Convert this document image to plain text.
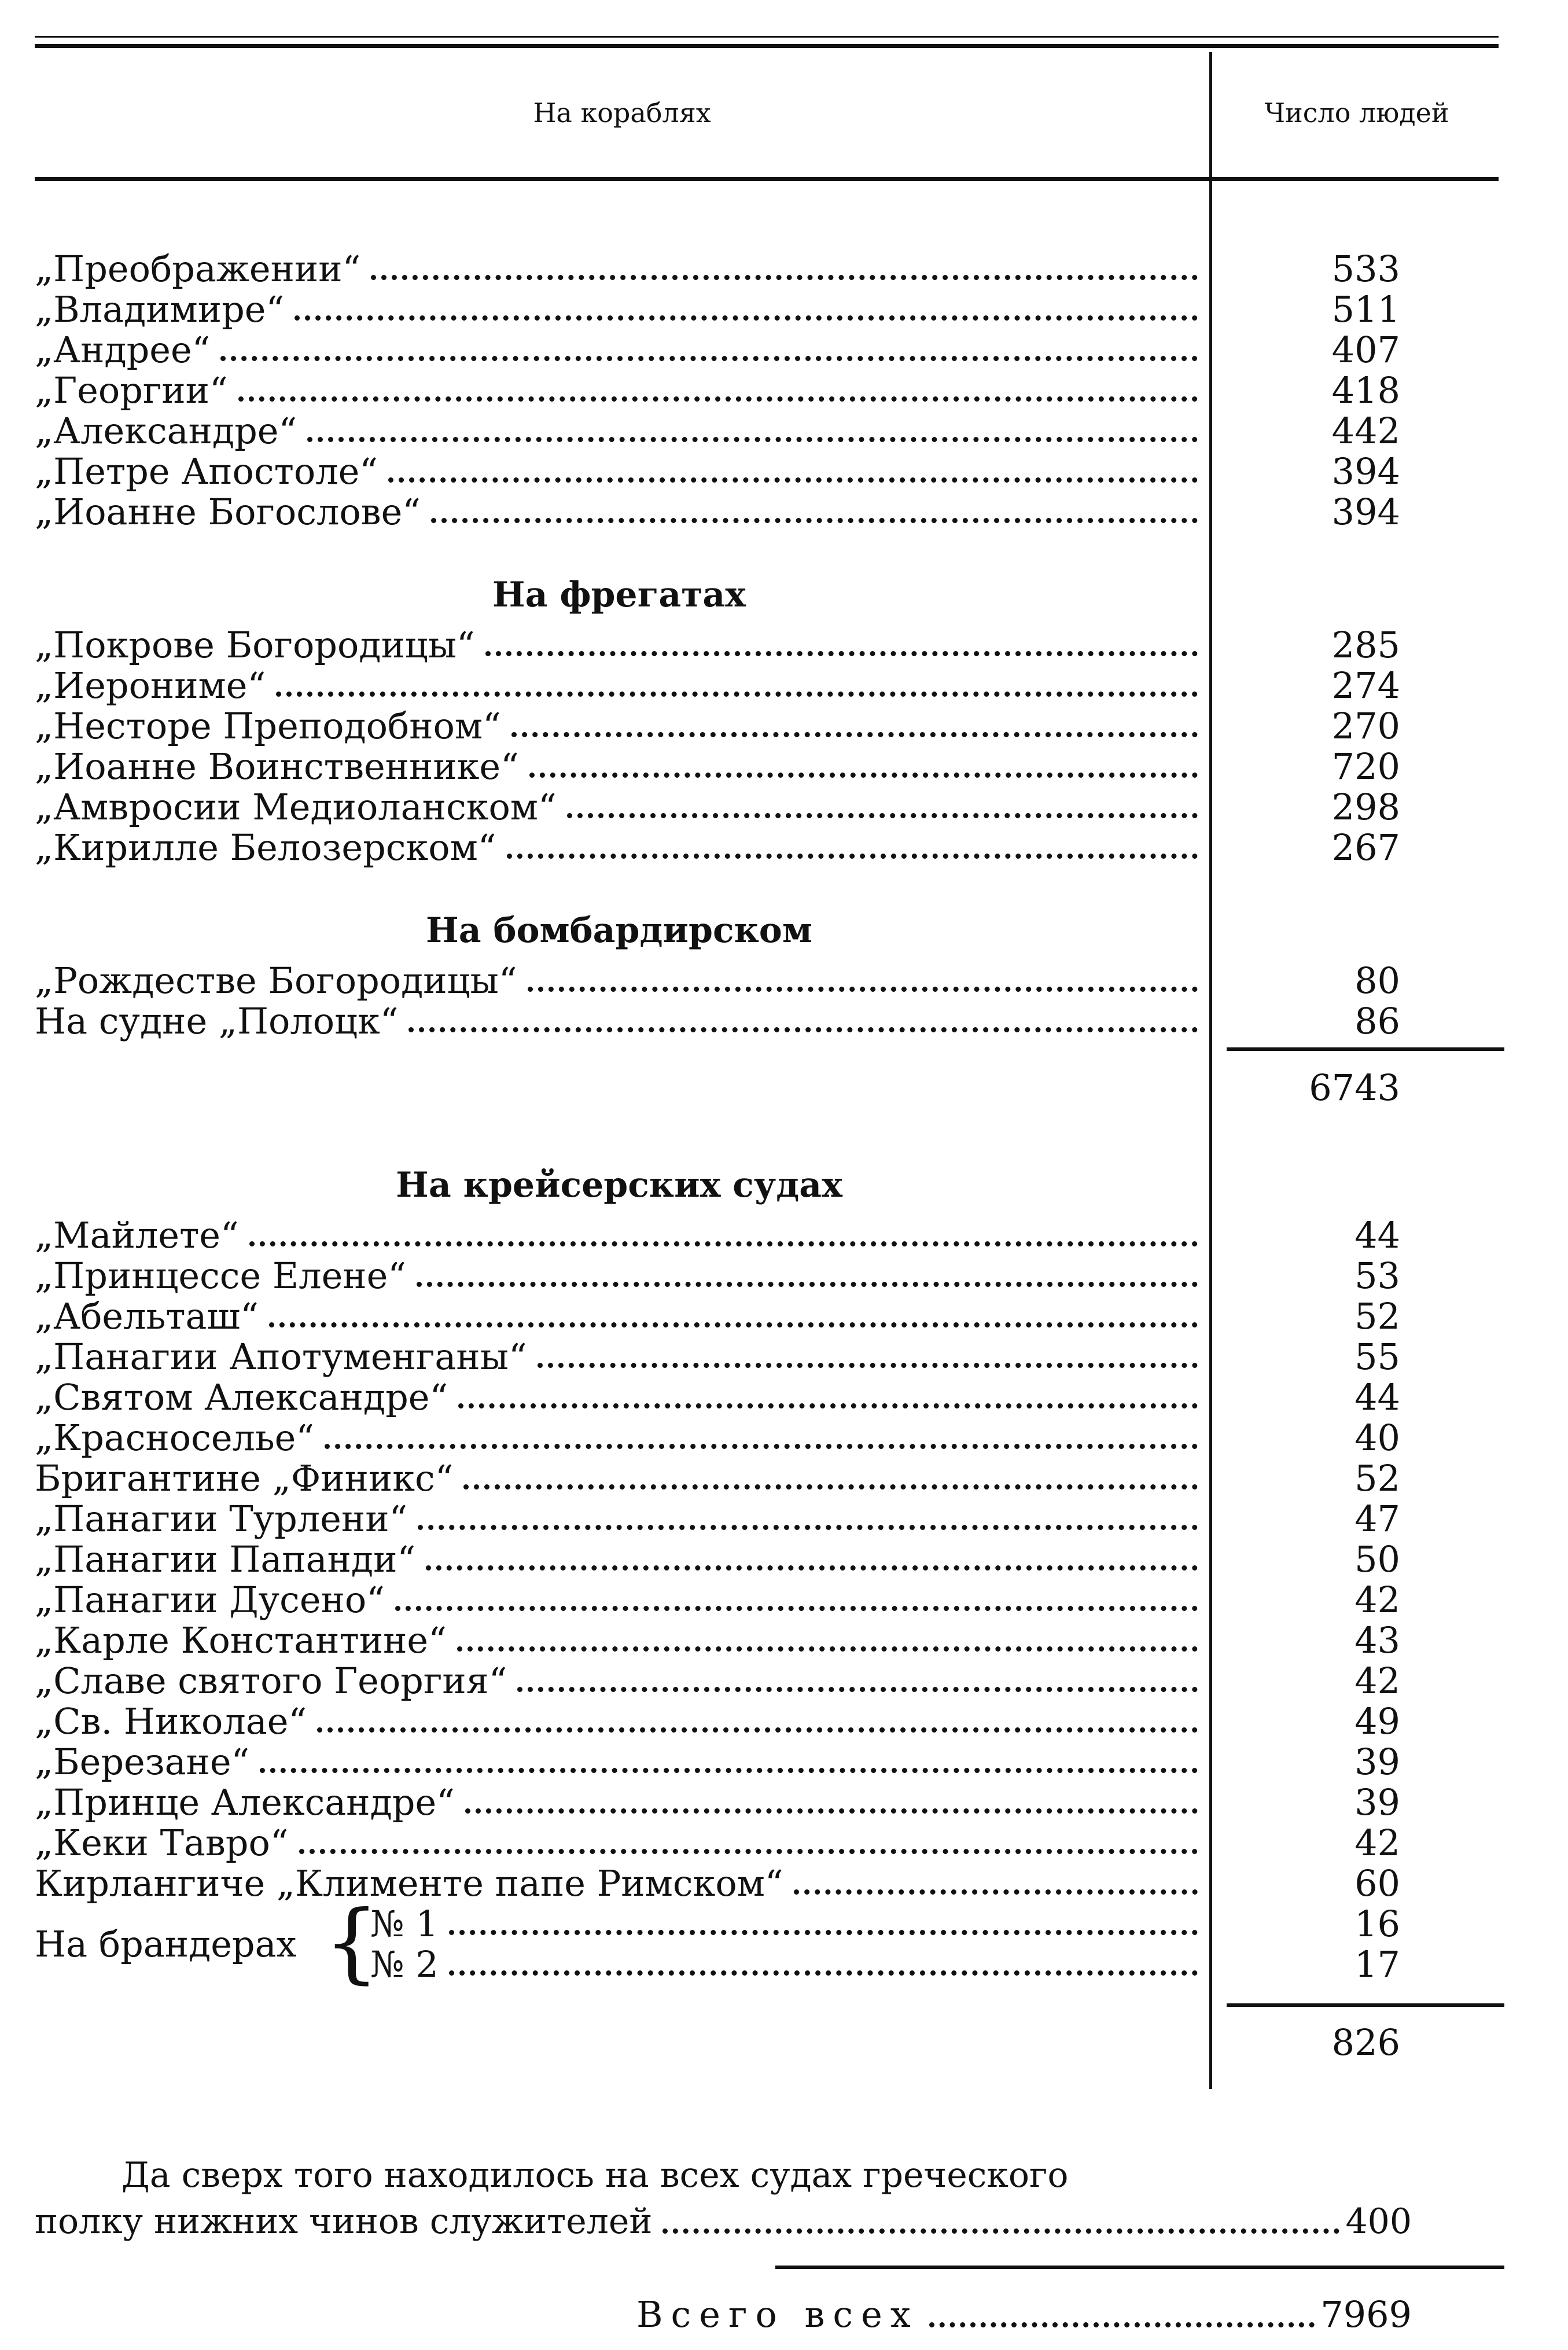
На кораблях	Число людей
„Преображении“	533
„Владимире“	511
„Андрее“	407
„Георгии“	418
„Александре“	442
„Петре Апостоле“	394
„Иоанне Богослове“	394
На фрегатах
„Покрове Богородицы“	285
„Иерониме“	274
„Несторе Преподобном“	270
„Иоанне Воинственнике“	720
„Амвросии Медиоланском“	298
„Кирилле Белозерском“	267
На бомбардирском
„Рождестве Богородицы“	80
На судне „Полоцк“	86
6743
На крейсерских судах
„Майлете“	44
„Принцессе Елене“	53
„Абельташ“	52
„Панагии Апотуменганы“	55
„Святом Александре“	44
„Красноселье“	40
Бригантине „Финикс“	52
„Панагии Турлени“	47
„Панагии Папанди“	50
„Панагии Дусено“	42
„Карле Константине“	43
„Славе святого Георгия“	42
„Св. Николае“	49
„Березане“	39
„Принце Александре“	39
„Кеки Тавро“	42
Кирлангиче „Клименте папе Римском“	60
На брандерах {
№ 1	16
№ 2	17
826
Да сверх того находилось на всех судах греческого
полку нижних чинов служителей	400
Всего всех	7969
